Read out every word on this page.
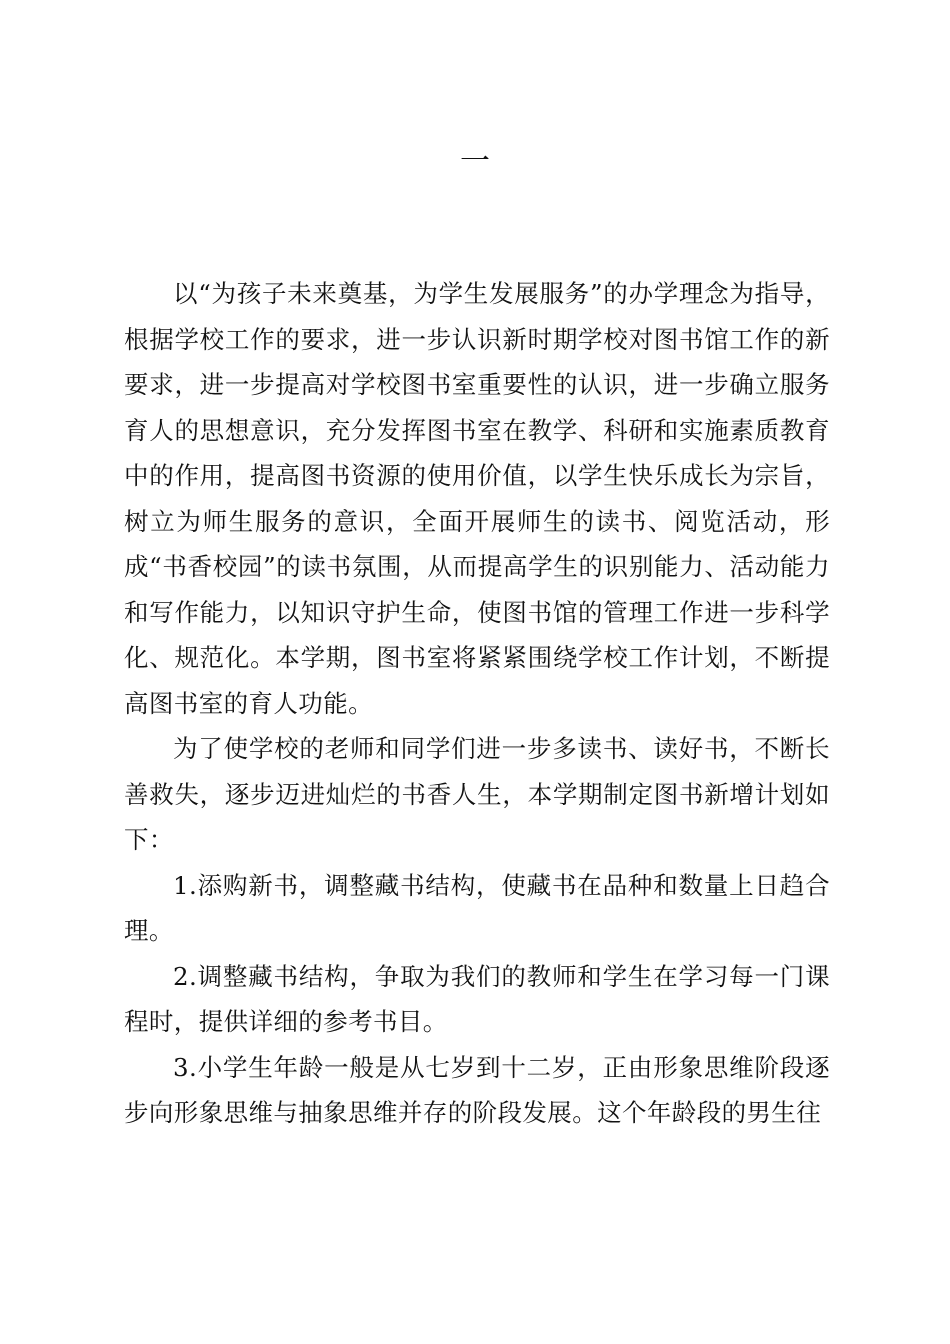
一

以“为孩子未来奠基，为学生发展服务”的办学理念为指导，根据学校工作的要求，进一步认识新时期学校对图书馆工作的新要求，进一步提高对学校图书室重要性的认识，进一步确立服务育人的思想意识，充分发挥图书室在教学、科研和实施素质教育中的作用，提高图书资源的使用价值，以学生快乐成长为宗旨，树立为师生服务的意识，全面开展师生的读书、阅览活动，形成“书香校园”的读书氛围，从而提高学生的识别能力、活动能力和写作能力，以知识守护生命，使图书馆的管理工作进一步科学化、规范化。本学期，图书室将紧紧围绕学校工作计划，不断提高图书室的育人功能。

为了使学校的老师和同学们进一步多读书、读好书，不断长善救失，逐步迈进灿烂的书香人生，本学期制定图书新增计划如下：

1.添购新书，调整藏书结构，使藏书在品种和数量上日趋合理。

2.调整藏书结构，争取为我们的教师和学生在学习每一门课程时，提供详细的参考书目。

3.小学生年龄一般是从七岁到十二岁，正由形象思维阶段逐步向形象思维与抽象思维并存的阶段发展。这个年龄段的男生往
